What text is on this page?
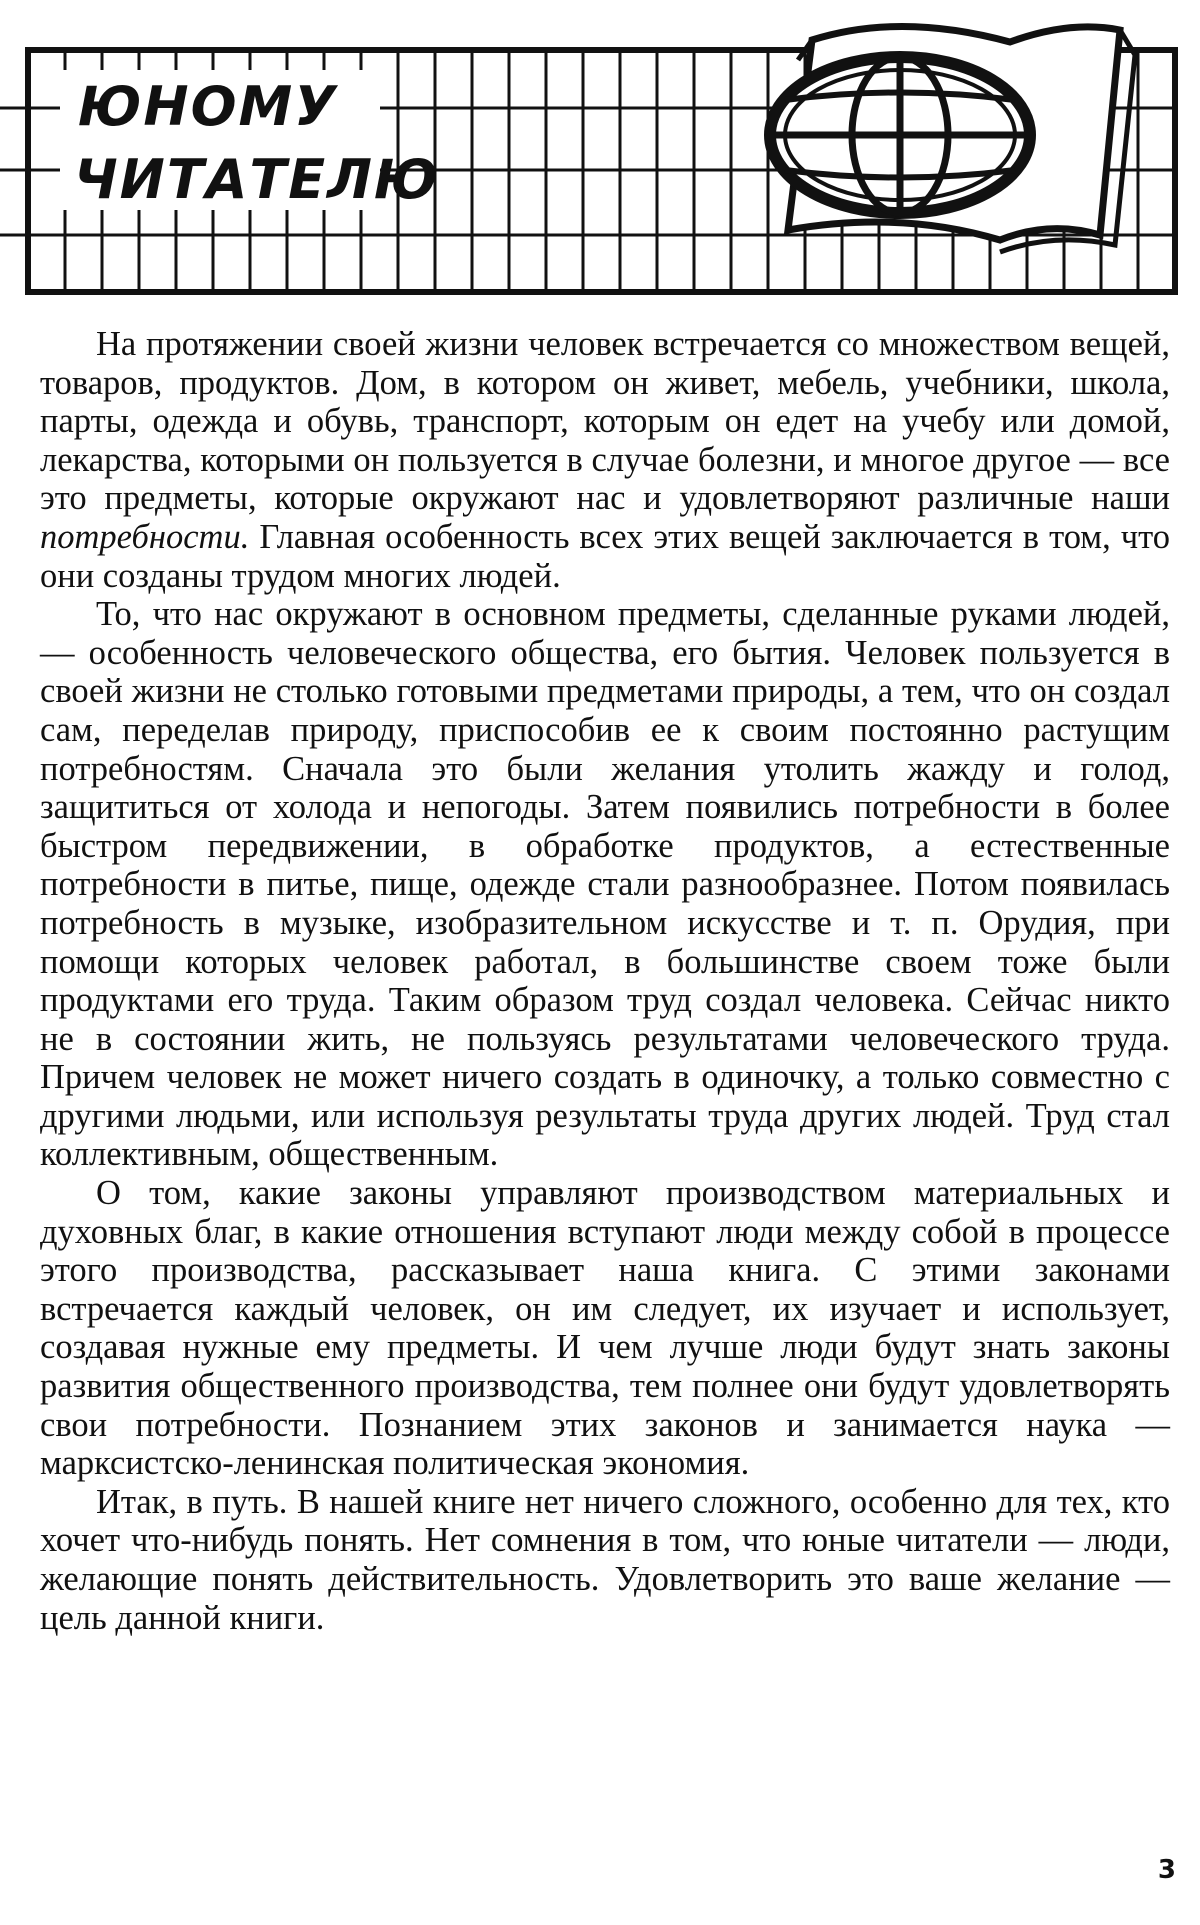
ЮНОМУ
ЧИТАТЕЛЮ

На протяжении своей жизни человек встречается со множеством вещей, товаров, продуктов. Дом, в котором он живет, мебель, учебники, школа, парты, одежда и обувь, транспорт, которым он едет на учебу или домой, лекарства, которыми он пользуется в случае болезни, и многое другое — все это предметы, которые окружают нас и удовлетворяют различные наши потребности. Главная особенность всех этих вещей заключается в том, что они созданы трудом многих людей.

То, что нас окружают в основном предметы, сделанные руками людей, — особенность человеческого общества, его бытия. Человек пользуется в своей жизни не столько готовыми предметами природы, а тем, что он создал сам, переделав природу, приспособив ее к своим постоянно растущим потребностям. Сначала это были желания утолить жажду и голод, защититься от холода и непогоды. Затем появились потребности в более быстром передвижении, в обработке продуктов, а естественные потребности в питье, пище, одежде стали разнообразнее. Потом появилась потребность в музыке, изобразительном искусстве и т. п. Орудия, при помощи которых человек работал, в большинстве своем тоже были продуктами его труда. Таким образом труд создал человека. Сейчас никто не в состоянии жить, не пользуясь результатами человеческого труда. Причем человек не может ничего создать в одиночку, а только совместно с другими людьми, или используя результаты труда других людей. Труд стал коллективным, общественным.

О том, какие законы управляют производством материальных и духовных благ, в какие отношения вступают люди между собой в процессе этого производства, рассказывает наша книга. С этими законами встречается каждый человек, он им следует, их изучает и использует, создавая нужные ему предметы. И чем лучше люди будут знать законы развития общественного производства, тем полнее они будут удовлетворять свои потребности. Познанием этих законов и занимается наука — марксистско-ленинская политическая экономия.

Итак, в путь. В нашей книге нет ничего сложного, особенно для тех, кто хочет что-нибудь понять. Нет сомнения в том, что юные читатели — люди, желающие понять действительность. Удовлетворить это ваше желание — цель данной книги.

3
